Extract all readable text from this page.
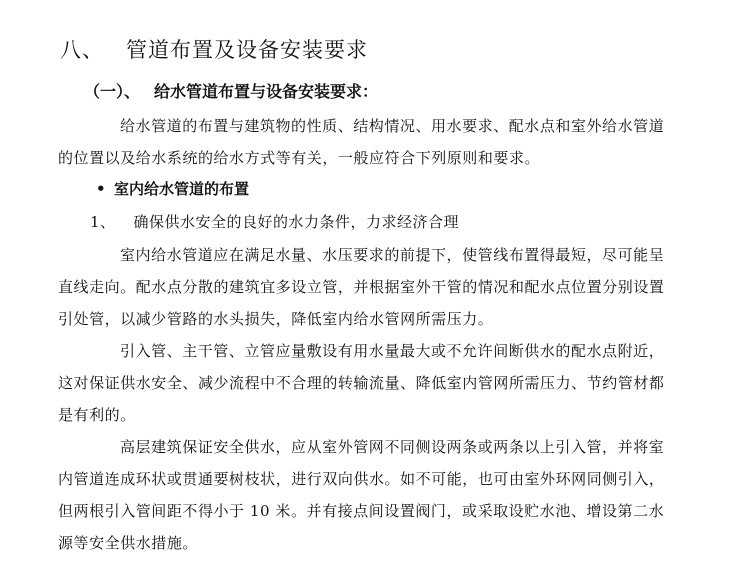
八、 管道布置及设备安装要求
（一）、 给水管道布置与设备安装要求：
给水管道的布置与建筑物的性质、结构情况、用水要求、配水点和室外给水管道
的位置以及给水系统的给水方式等有关，一般应符合下列原则和要求。
• 室内给水管道的布置
1、 确保供水安全的良好的水力条件，力求经济合理
室内给水管道应在满足水量、水压要求的前提下，使管线布置得最短，尽可能呈
直线走向。配水点分散的建筑宜多设立管，并根据室外干管的情况和配水点位置分别设置
引处管，以减少管路的水头损失，降低室内给水管网所需压力。
引入管、主干管、立管应量敷设有用水量最大或不允许间断供水的配水点附近，
这对保证供水安全、减少流程中不合理的转输流量、降低室内管网所需压力、节约管材都
是有利的。
高层建筑保证安全供水，应从室外管网不同侧设两条或两条以上引入管，并将室
内管道连成环状或贯通要树枝状，进行双向供水。如不可能，也可由室外环网同侧引入，
但两根引入管间距不得小于 10 米。并有接点间设置阀门，或采取设贮水池、增设第二水
源等安全供水措施。
